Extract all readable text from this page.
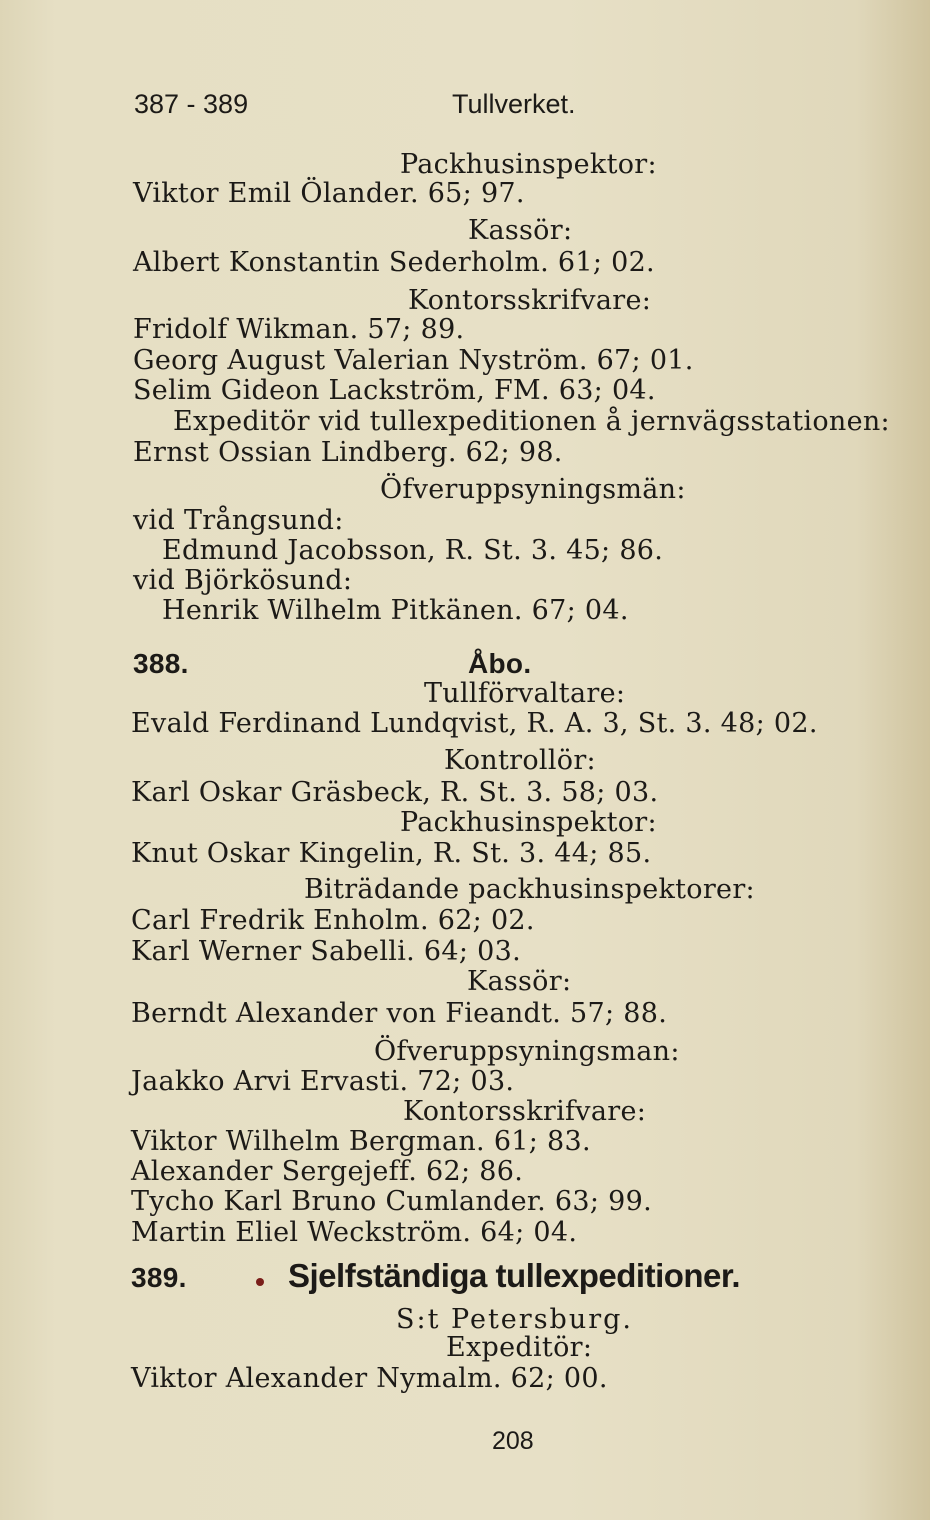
387 - 389	Tullverket.
Packhusinspektor:
Viktor Emil Ölander. 65; 97.
Kassör:
Albert Konstantin Sederholm. 61; 02.
Kontorsskrifvare:
Fridolf Wikman. 57; 89.
Georg August Valerian Nyström. 67; 01.
Selim Gideon Lackström, FM. 63; 04.
Expeditör vid tullexpeditionen å jernvägsstationen:
Ernst Ossian Lindberg. 62; 98.
Öfveruppsyningsmän:
vid Trångsund:
Edmund Jacobsson, R. St. 3. 45; 86.
vid Björkösund:
Henrik Wilhelm Pitkänen. 67; 04.
388.	Åbo.
Tullförvaltare:
Evald Ferdinand Lundqvist, R. A. 3, St. 3. 48; 02.
Kontrollör:
Karl Oskar Gräsbeck, R. St. 3. 58; 03.
Packhusinspektor:
Knut Oskar Kingelin, R. St. 3. 44; 85.
Biträdande packhusinspektorer:
Carl Fredrik Enholm. 62; 02.
Karl Werner Sabelli. 64; 03.
Kassör:
Berndt Alexander von Fieandt. 57; 88.
Öfveruppsyningsman:
Jaakko Arvi Ervasti. 72; 03.
Kontorsskrifvare:
Viktor Wilhelm Bergman. 61; 83.
Alexander Sergejeff. 62; 86.
Tycho Karl Bruno Cumlander. 63; 99.
Martin Eliel Weckström. 64; 04.
389.	Sjelfständiga tullexpeditioner.
S:t Petersburg.
Expeditör:
Viktor Alexander Nymalm. 62; 00.
208
